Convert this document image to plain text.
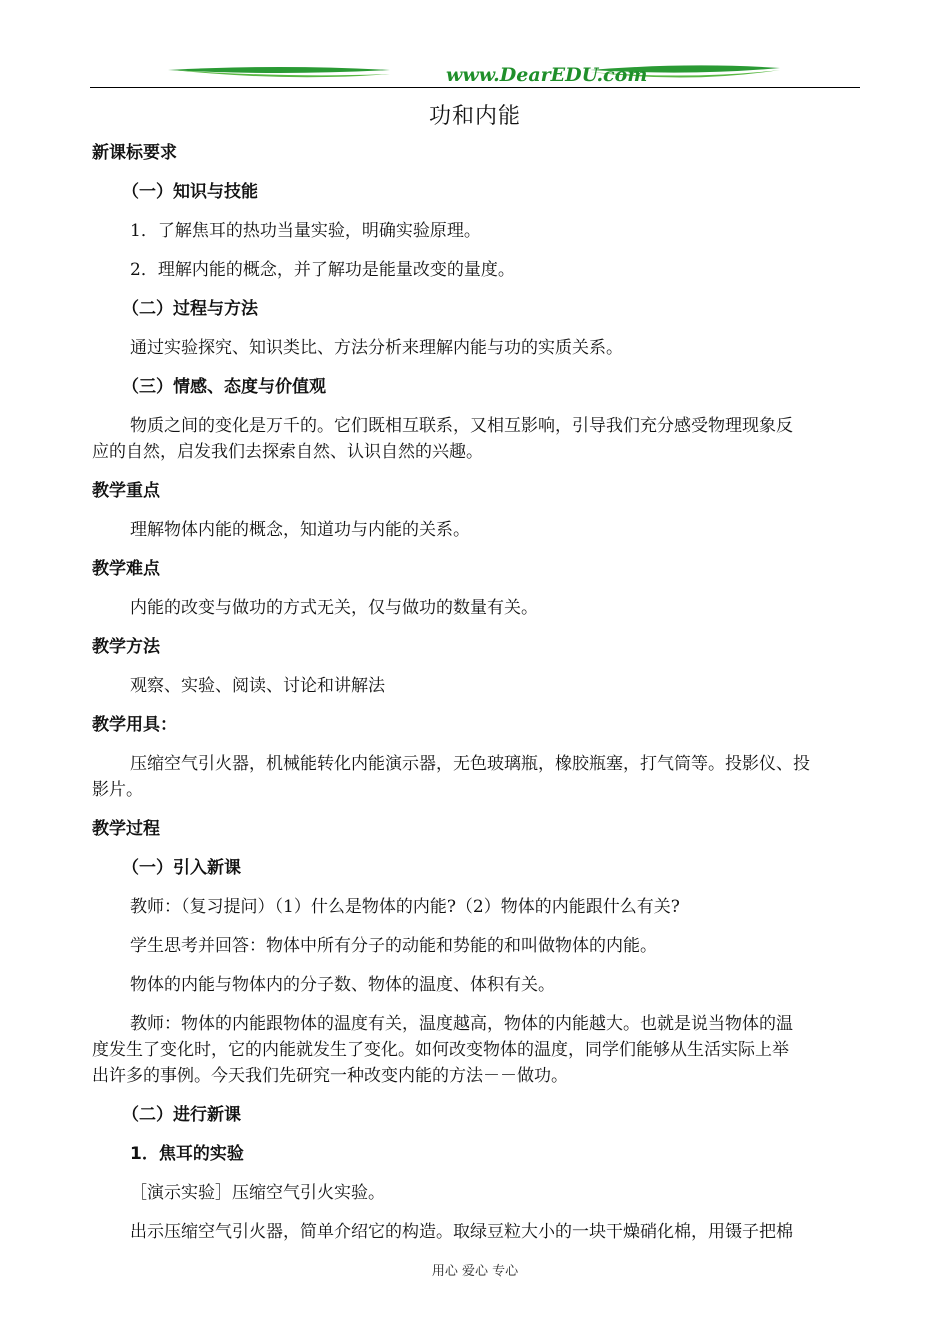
www.DearEDU.com
功和内能
新课标要求
（一）知识与技能
1．了解焦耳的热功当量实验，明确实验原理。
2．理解内能的概念，并了解功是能量改变的量度。
（二）过程与方法
通过实验探究、知识类比、方法分析来理解内能与功的实质关系。
（三）情感、态度与价值观
物质之间的变化是万千的。它们既相互联系，又相互影响，引导我们充分感受物理现象反
应的自然，启发我们去探索自然、认识自然的兴趣。
教学重点
理解物体内能的概念，知道功与内能的关系。
教学难点
内能的改变与做功的方式无关，仅与做功的数量有关。
教学方法
观察、实验、阅读、讨论和讲解法
教学用具：
压缩空气引火器，机械能转化内能演示器，无色玻璃瓶，橡胶瓶塞，打气筒等。投影仪、投
影片。
教学过程
（一）引入新课
教师：（复习提问）（1）什么是物体的内能?（2）物体的内能跟什么有关?
学生思考并回答：物体中所有分子的动能和势能的和叫做物体的内能。
物体的内能与物体内的分子数、物体的温度、体积有关。
教师：物体的内能跟物体的温度有关，温度越高，物体的内能越大。也就是说当物体的温
度发生了变化时，它的内能就发生了变化。如何改变物体的温度，同学们能够从生活实际上举
出许多的事例。今天我们先研究一种改变内能的方法－－做功。
（二）进行新课
1．焦耳的实验
［演示实验］压缩空气引火实验。
出示压缩空气引火器，简单介绍它的构造。取绿豆粒大小的一块干燥硝化棉，用镊子把棉
用心 爱心 专心
